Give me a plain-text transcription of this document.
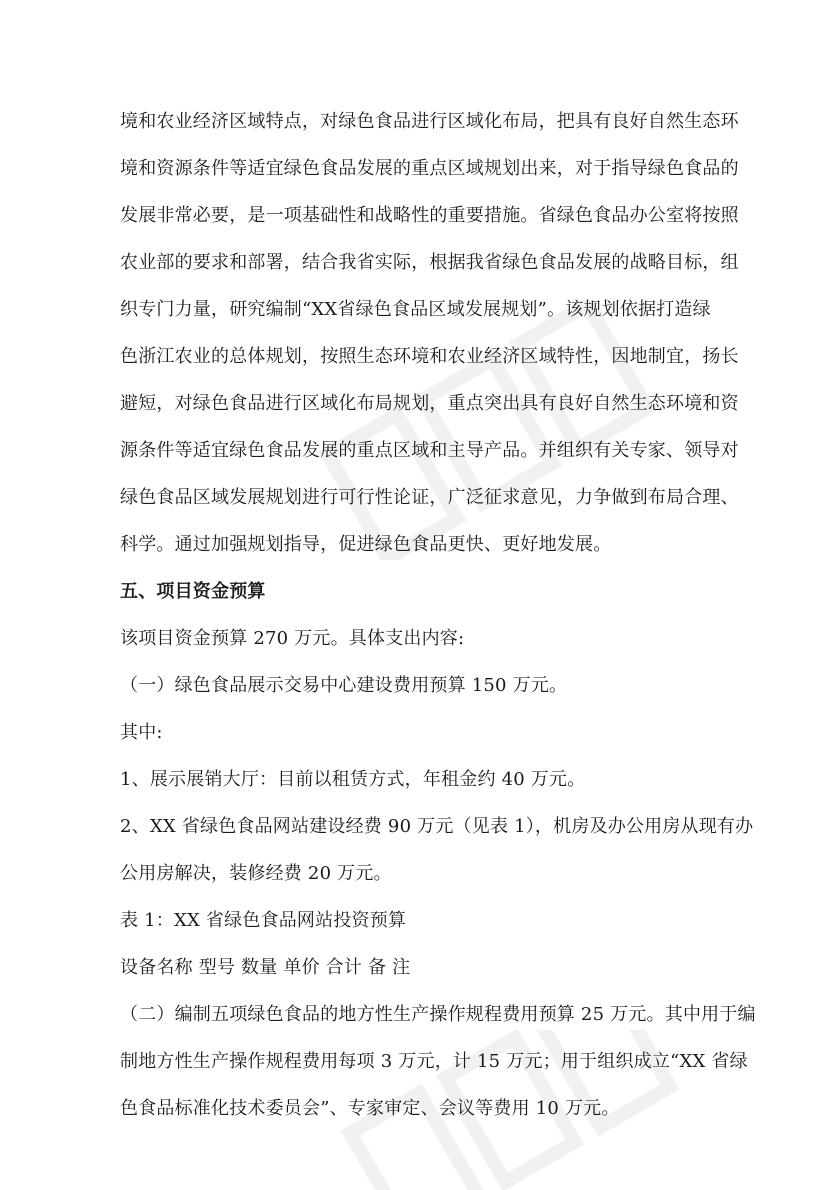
境和农业经济区域特点，对绿色食品进行区域化布局，把具有良好自然生态环
境和资源条件等适宜绿色食品发展的重点区域规划出来，对于指导绿色食品的
发展非常必要，是一项基础性和战略性的重要措施。省绿色食品办公室将按照
农业部的要求和部署，结合我省实际，根据我省绿色食品发展的战略目标，组
织专门力量，研究编制“XX省绿色食品区域发展规划”。该规划依据打造绿
色浙江农业的总体规划，按照生态环境和农业经济区域特性，因地制宜，扬长
避短，对绿色食品进行区域化布局规划，重点突出具有良好自然生态环境和资
源条件等适宜绿色食品发展的重点区域和主导产品。并组织有关专家、领导对
绿色食品区域发展规划进行可行性论证，广泛征求意见，力争做到布局合理、
科学。通过加强规划指导，促进绿色食品更快、更好地发展。
五、项目资金预算
该项目资金预算 270 万元。具体支出内容:
（一）绿色食品展示交易中心建设费用预算 150 万元。
其中:
1、展示展销大厅：目前以租赁方式，年租金约 40 万元。
2、XX 省绿色食品网站建设经费 90 万元（见表 1），机房及办公用房从现有办
公用房解决，装修经费 20 万元。
表 1：XX 省绿色食品网站投资预算
设备名称 型号 数量 单价 合计 备 注
（二）编制五项绿色食品的地方性生产操作规程费用预算 25 万元。其中用于编
制地方性生产操作规程费用每项 3 万元，计 15 万元；用于组织成立“XX 省绿
色食品标准化技术委员会”、专家审定、会议等费用 10 万元。
